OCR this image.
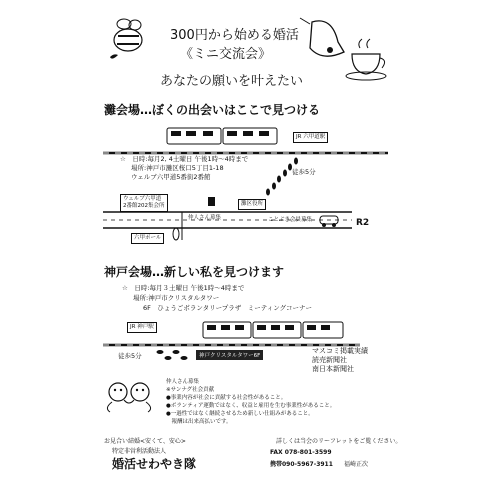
300円から始める婚活
《ミニ交流会》
あなたの願いを叶えたい
灘会場…ぼくの出会いはここで見つける
JR 六甲道駅
☆　日時:毎月2, 4土曜日 午後1時～4時まで
場所:神戸市灘区桜口5丁目1-18
ウェルブ六甲道5番街2番館
徒歩5分
ウェルブ六甲道
2番館202集会所
仲人さん募集
灘区役所
ことぶき会員募集	R2
六甲ポール
神戸会場…新しい私を見つけます
☆　日時:毎月３土曜日 午後1時～4時まで
場所:神戸市クリスタルタワー
6F　ひょうごボランタリープラザ　ミーティングコーナー
JR 神戸駅
徒歩5分	神戸クリスタルタワー6F
マスコミ掲載実績
読売新聞社
南日本新聞社
仲人さん募集
※サンナグ社会貢献
●事業内容が社会に貢献する社会性があること。
●ボランティア運動ではなく、収益と雇用を生む事業性があること。
●一過性ではなく継続させるため新しい仕組みがあること。
　報酬は出来高払いです。
お見合い結婚<安くて、安心>
特定非営利活動法人
婚活せわやき隊
詳しくは当会のリーフレットをご覧ください。
FAX 078-801-3599
携帯090-5967-3911 福崎正次
